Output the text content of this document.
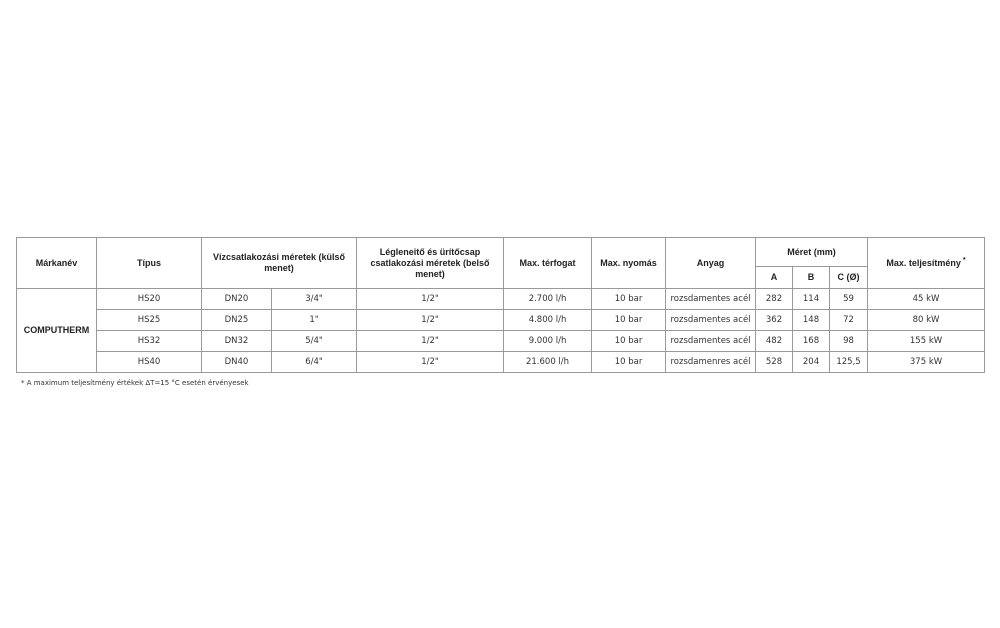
Márkanév	Típus	Vízcsatlakozási méretek (külső menet)		Légleneitő és ürítőcsap csatlakozási méretek (belső menet)	Max. térfogat	Max. nyomás	Anyag	Méret (mm)			Max. teljesítmény *
								A	B	C (Ø)	
COMPUTHERM	HS20	DN20	3/4"	1/2"	2.700 l/h	10 bar	rozsdamentes acél	282	114	59	45 kW
	HS25	DN25	1"	1/2"	4.800 l/h	10 bar	rozsdamentes acél	362	148	72	80 kW
	HS32	DN32	5/4"	1/2"	9.000 l/h	10 bar	rozsdamentes acél	482	168	98	155 kW
	HS40	DN40	6/4"	1/2"	21.600 l/h	10 bar	rozsdamenres acél	528	204	125,5	375 kW
* A maximum teljesítmény értékek ΔT=15 °C esetén érvényesek
